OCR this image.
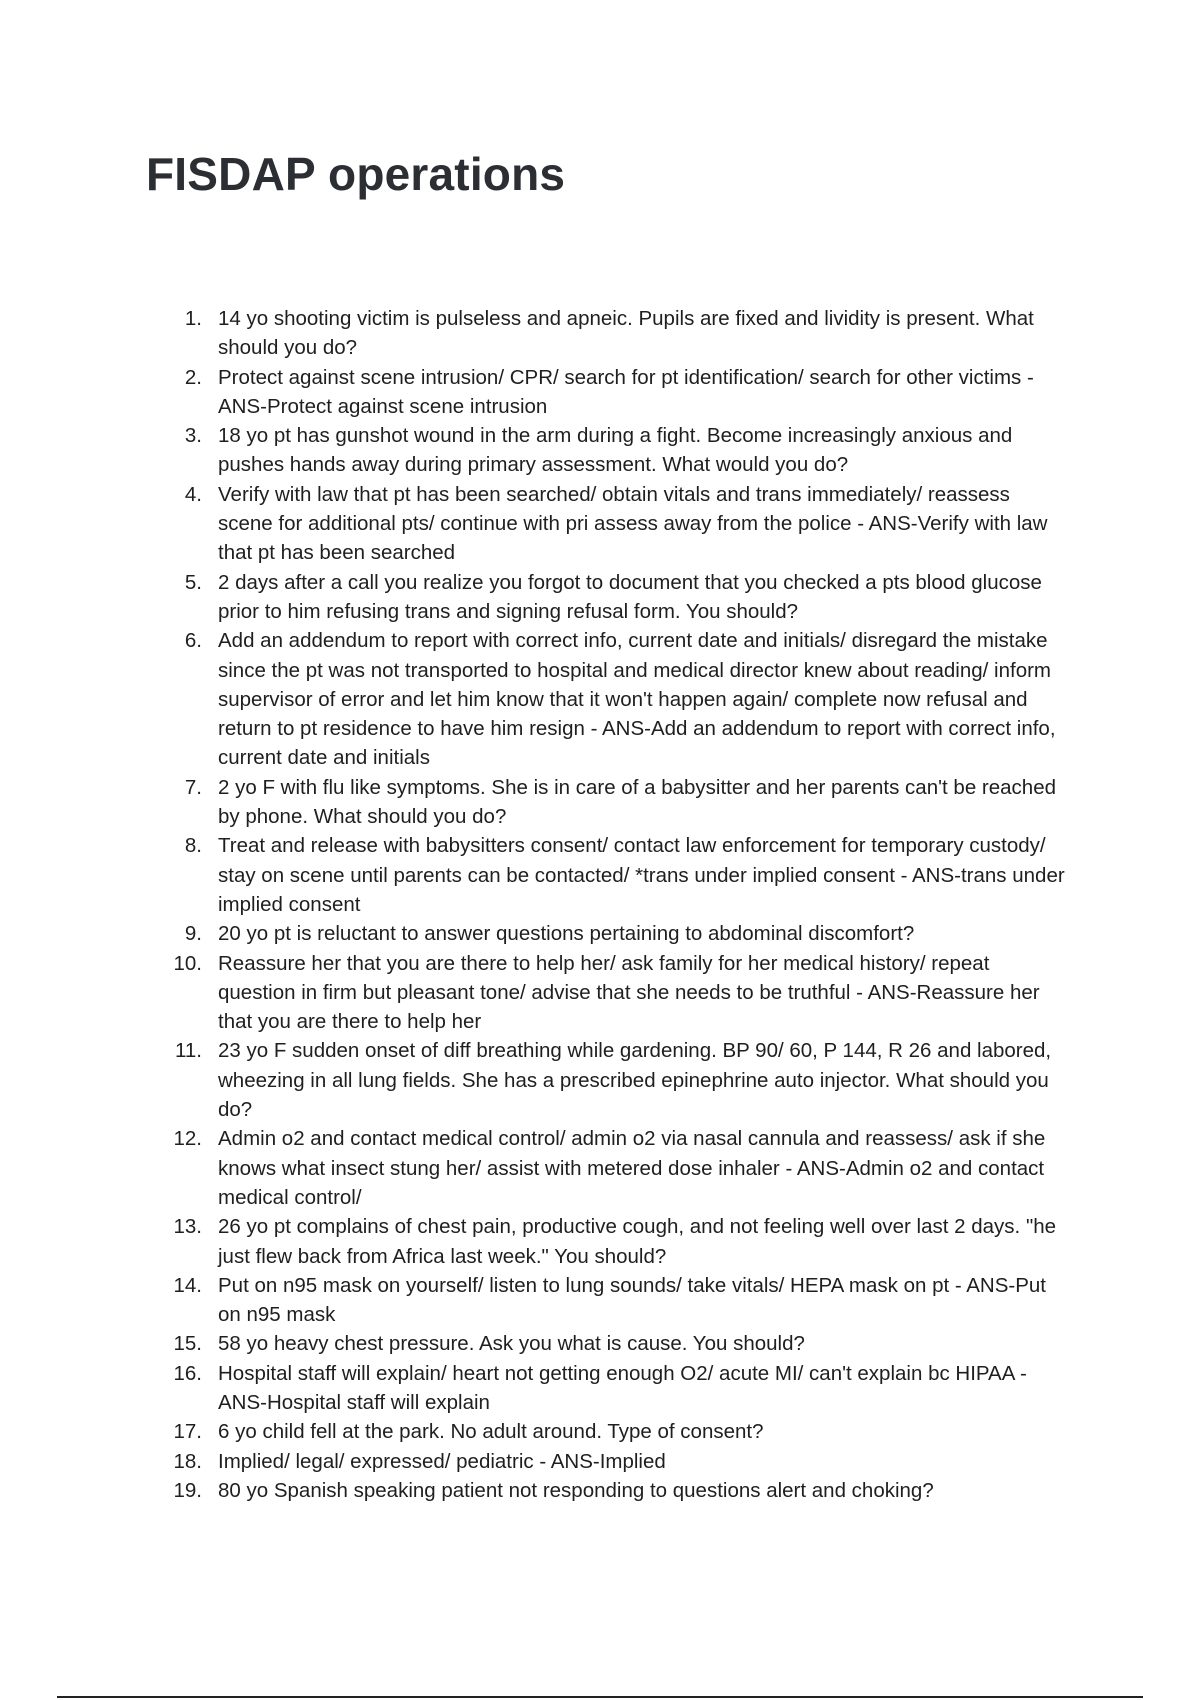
FISDAP operations
1. 14 yo shooting victim is pulseless and apneic. Pupils are fixed and lividity is present. What should you do?
2. Protect against scene intrusion/ CPR/ search for pt identification/ search for other victims - ANS-Protect against scene intrusion
3. 18 yo pt has gunshot wound in the arm during a fight. Become increasingly anxious and pushes hands away during primary assessment. What would you do?
4. Verify with law that pt has been searched/ obtain vitals and trans immediately/ reassess scene for additional pts/ continue with pri assess away from the police - ANS-Verify with law that pt has been searched
5. 2 days after a call you realize you forgot to document that you checked a pts blood glucose prior to him refusing trans and signing refusal form. You should?
6. Add an addendum to report with correct info, current date and initials/ disregard the mistake since the pt was not transported to hospital and medical director knew about reading/ inform supervisor of error and let him know that it won't happen again/ complete now refusal and return to pt residence to have him resign - ANS-Add an addendum to report with correct info, current date and initials
7. 2 yo F with flu like symptoms. She is in care of a babysitter and her parents can't be reached by phone. What should you do?
8. Treat and release with babysitters consent/ contact law enforcement for temporary custody/ stay on scene until parents can be contacted/ *trans under implied consent - ANS-trans under implied consent
9. 20 yo pt is reluctant to answer questions pertaining to abdominal discomfort?
10. Reassure her that you are there to help her/ ask family for her medical history/ repeat question in firm but pleasant tone/ advise that she needs to be truthful - ANS-Reassure her that you are there to help her
11. 23 yo F sudden onset of diff breathing while gardening. BP 90/ 60, P 144, R 26 and labored, wheezing in all lung fields. She has a prescribed epinephrine auto injector. What should you do?
12. Admin o2 and contact medical control/ admin o2 via nasal cannula and reassess/ ask if she knows what insect stung her/ assist with metered dose inhaler - ANS-Admin o2 and contact medical control/
13. 26 yo pt complains of chest pain, productive cough, and not feeling well over last 2 days. "he just flew back from Africa last week." You should?
14. Put on n95 mask on yourself/ listen to lung sounds/ take vitals/ HEPA mask on pt - ANS-Put on n95 mask
15. 58 yo heavy chest pressure. Ask you what is cause. You should?
16. Hospital staff will explain/ heart not getting enough O2/ acute MI/ can't explain bc HIPAA - ANS-Hospital staff will explain
17. 6 yo child fell at the park. No adult around. Type of consent?
18. Implied/ legal/ expressed/ pediatric - ANS-Implied
19. 80 yo Spanish speaking patient not responding to questions alert and choking?
